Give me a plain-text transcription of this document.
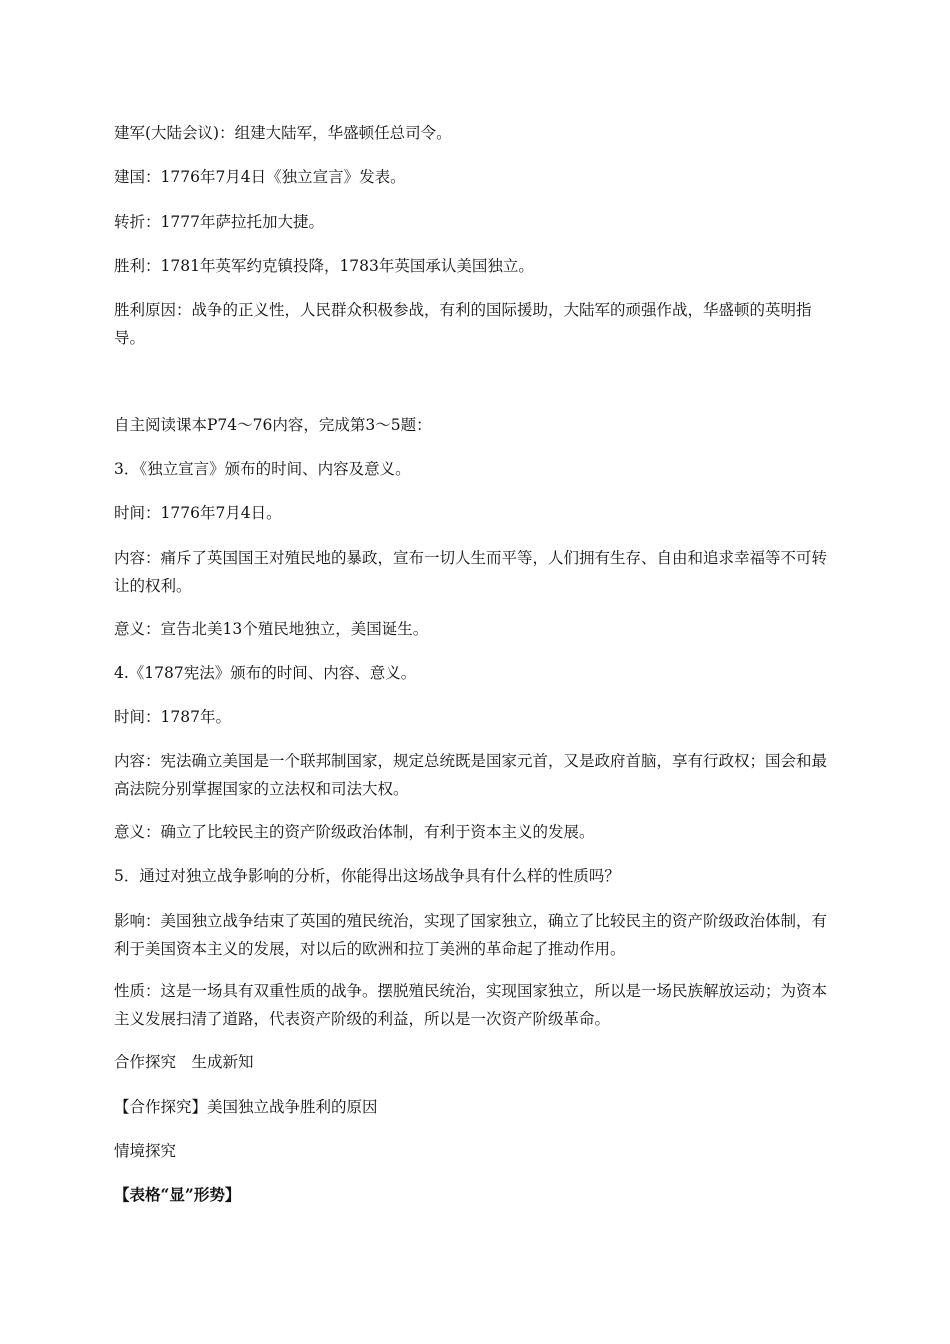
建军(大陆会议)：组建大陆军，华盛顿任总司令。

建国：1776年7月4日《独立宣言》发表。

转折：1777年萨拉托加大捷。

胜利：1781年英军约克镇投降，1783年英国承认美国独立。

胜利原因：战争的正义性，人民群众积极参战，有利的国际援助，大陆军的顽强作战，华盛顿的英明指导。

自主阅读课本P74～76内容，完成第3～5题：

3．《独立宣言》颁布的时间、内容及意义。

时间：1776年7月4日。

内容：痛斥了英国国王对殖民地的暴政，宣布一切人生而平等，人们拥有生存、自由和追求幸福等不可转让的权利。

意义：宣告北美13个殖民地独立，美国诞生。

4.《1787宪法》颁布的时间、内容、意义。

时间：1787年。

内容：宪法确立美国是一个联邦制国家，规定总统既是国家元首，又是政府首脑，享有行政权；国会和最高法院分别掌握国家的立法权和司法大权。

意义：确立了比较民主的资产阶级政治体制，有利于资本主义的发展。

5．通过对独立战争影响的分析，你能得出这场战争具有什么样的性质吗？

影响：美国独立战争结束了英国的殖民统治，实现了国家独立，确立了比较民主的资产阶级政治体制，有利于美国资本主义的发展，对以后的欧洲和拉丁美洲的革命起了推动作用。

性质：这是一场具有双重性质的战争。摆脱殖民统治，实现国家独立，所以是一场民族解放运动；为资本主义发展扫清了道路，代表资产阶级的利益，所以是一次资产阶级革命。

合作探究　生成新知

【合作探究】美国独立战争胜利的原因

情境探究

【表格“显”形势】
